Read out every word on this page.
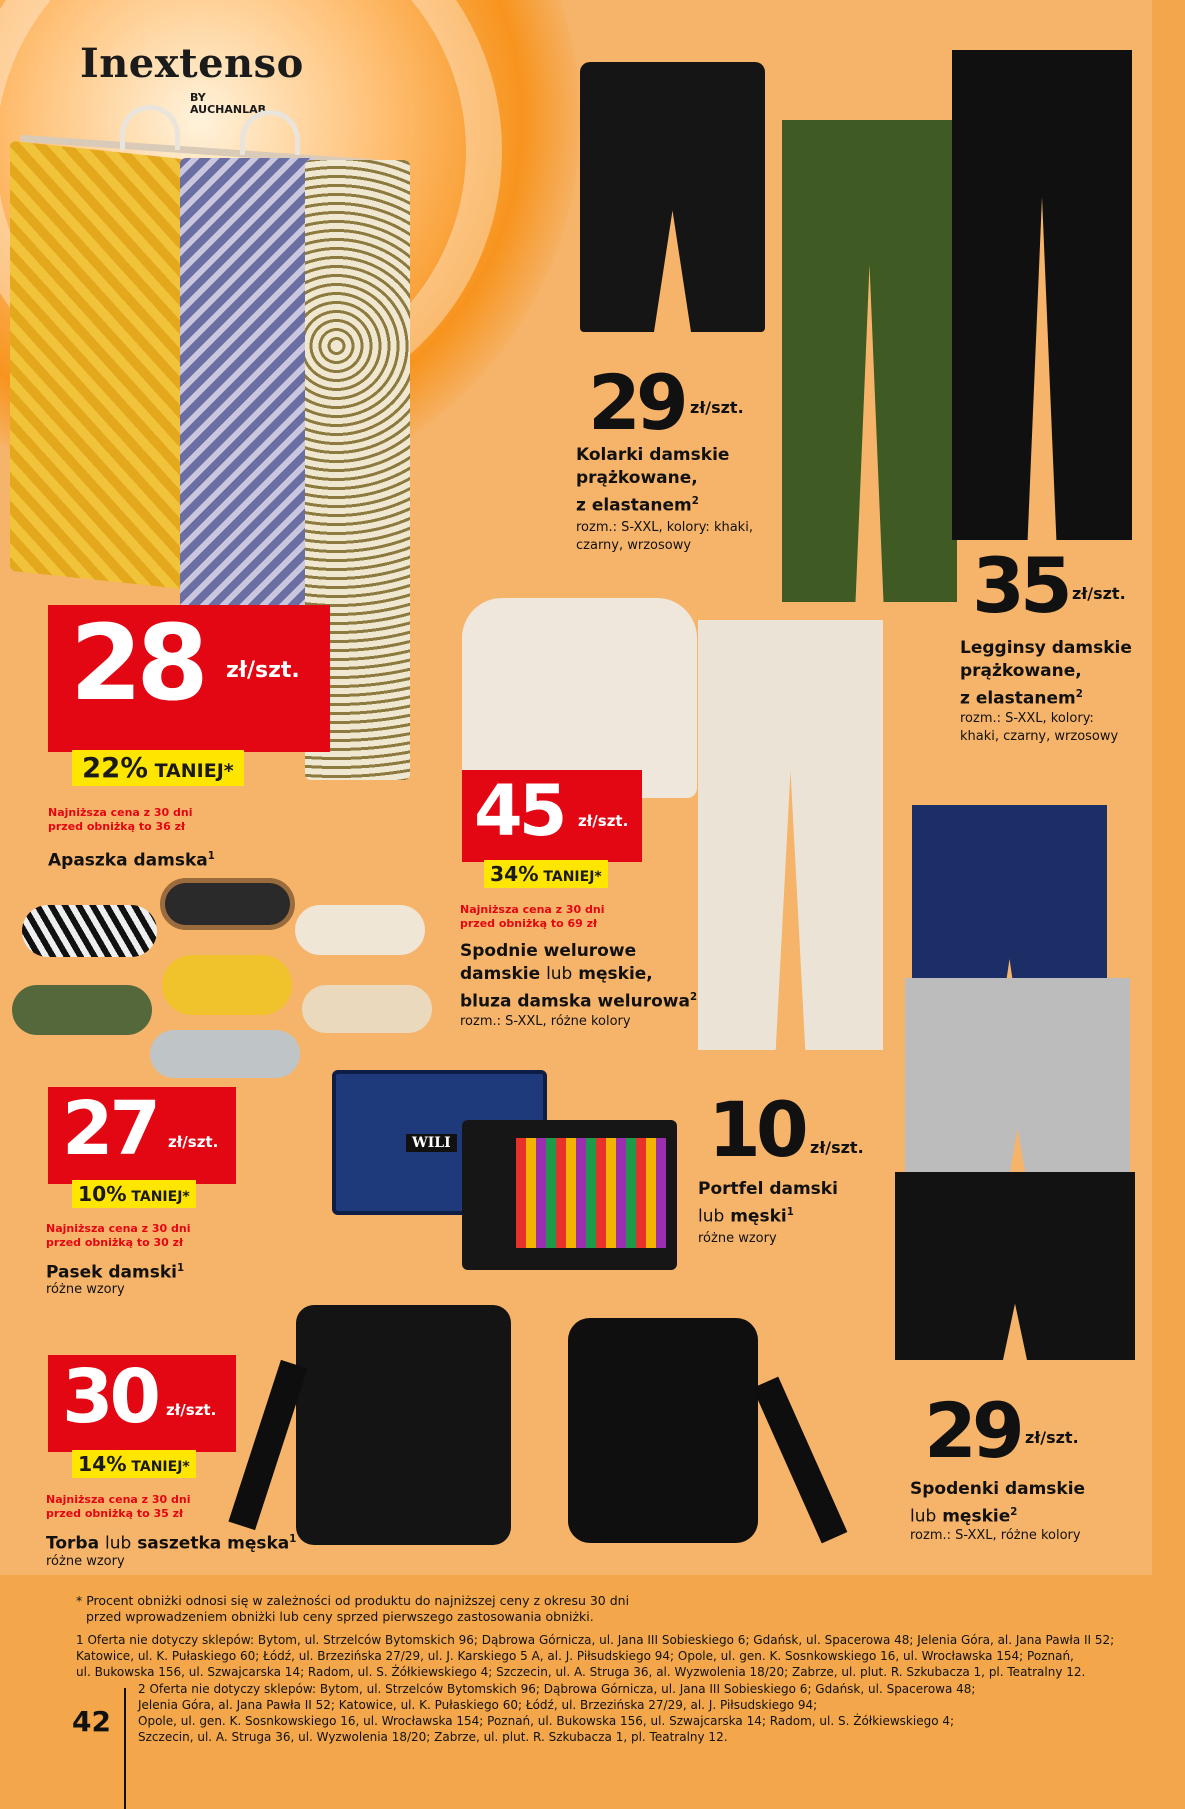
Inextenso
BY
AUCHANLAB
28 zł/szt.
22% TANIEJ*
Najniższa cena z 30 dni
przed obniżką to 36 zł
Apaszka damska$^1$
29 zł/szt.
Kolarki damskie
prążkowane,
z elastanem$^2$
rozm.: S-XXL, kolory: khaki,
czarny, wrzosowy	35 zł/szt.
Legginsy damskie
prążkowane,
z elastanem$^2$
rozm.: S-XXL, kolory:
khaki, czarny, wrzosowy
45 zł/szt.
34% TANIEJ*
Najniższa cena z 30 dni
przed obniżką to 69 zł
Spodnie welurowe
damskie lub męskie,
bluza damska welurowa$^2$
rozm.: S-XXL, różne kolory
27 zł/szt.
10% TANIEJ*
Najniższa cena z 30 dni
przed obniżką to 30 zł
Pasek damski$^1$
różne wzory
WILI	10 zł/szt.
Portfel damski
lub męski$^1$
różne wzory
29 zł/szt.
Spodenki damskie
lub męskie$^2$
rozm.: S-XXL, różne kolory
30 zł/szt.
14% TANIEJ*
Najniższa cena z 30 dni
przed obniżką to 35 zł
Torba lub saszetka męska$^1$
różne wzory
* Procent obniżki odnosi się w zależności od produktu do najniższej ceny z okresu 30 dni
przed wprowadzeniem obniżki lub ceny sprzed pierwszego zastosowania obniżki.
1 Oferta nie dotyczy sklepów: Bytom, ul. Strzelców Bytomskich 96; Dąbrowa Górnicza, ul. Jana III Sobieskiego 6; Gdańsk, ul. Spacerowa 48; Jelenia Góra, al. Jana Pawła II 52;
Katowice, ul. K. Pułaskiego 60; Łódź, ul. Brzezińska 27/29, ul. J. Karskiego 5 A, al. J. Piłsudskiego 94; Opole, ul. gen. K. Sosnkowskiego 16, ul. Wrocławska 154; Poznań,
ul. Bukowska 156, ul. Szwajcarska 14; Radom, ul. S. Żółkiewskiego 4; Szczecin, ul. A. Struga 36, al. Wyzwolenia 18/20; Zabrze, ul. plut. R. Szkubacza 1, pl. Teatralny 12.
2 Oferta nie dotyczy sklepów: Bytom, ul. Strzelców Bytomskich 96; Dąbrowa Górnicza, ul. Jana III Sobieskiego 6; Gdańsk, ul. Spacerowa 48;
Jelenia Góra, al. Jana Pawła II 52; Katowice, ul. K. Pułaskiego 60; Łódź, ul. Brzezińska 27/29, al. J. Piłsudskiego 94;
Opole, ul. gen. K. Sosnkowskiego 16, ul. Wrocławska 154; Poznań, ul. Bukowska 156, ul. Szwajcarska 14; Radom, ul. S. Żółkiewskiego 4;
Szczecin, ul. A. Struga 36, ul. Wyzwolenia 18/20; Zabrze, ul. plut. R. Szkubacza 1, pl. Teatralny 12.
42
